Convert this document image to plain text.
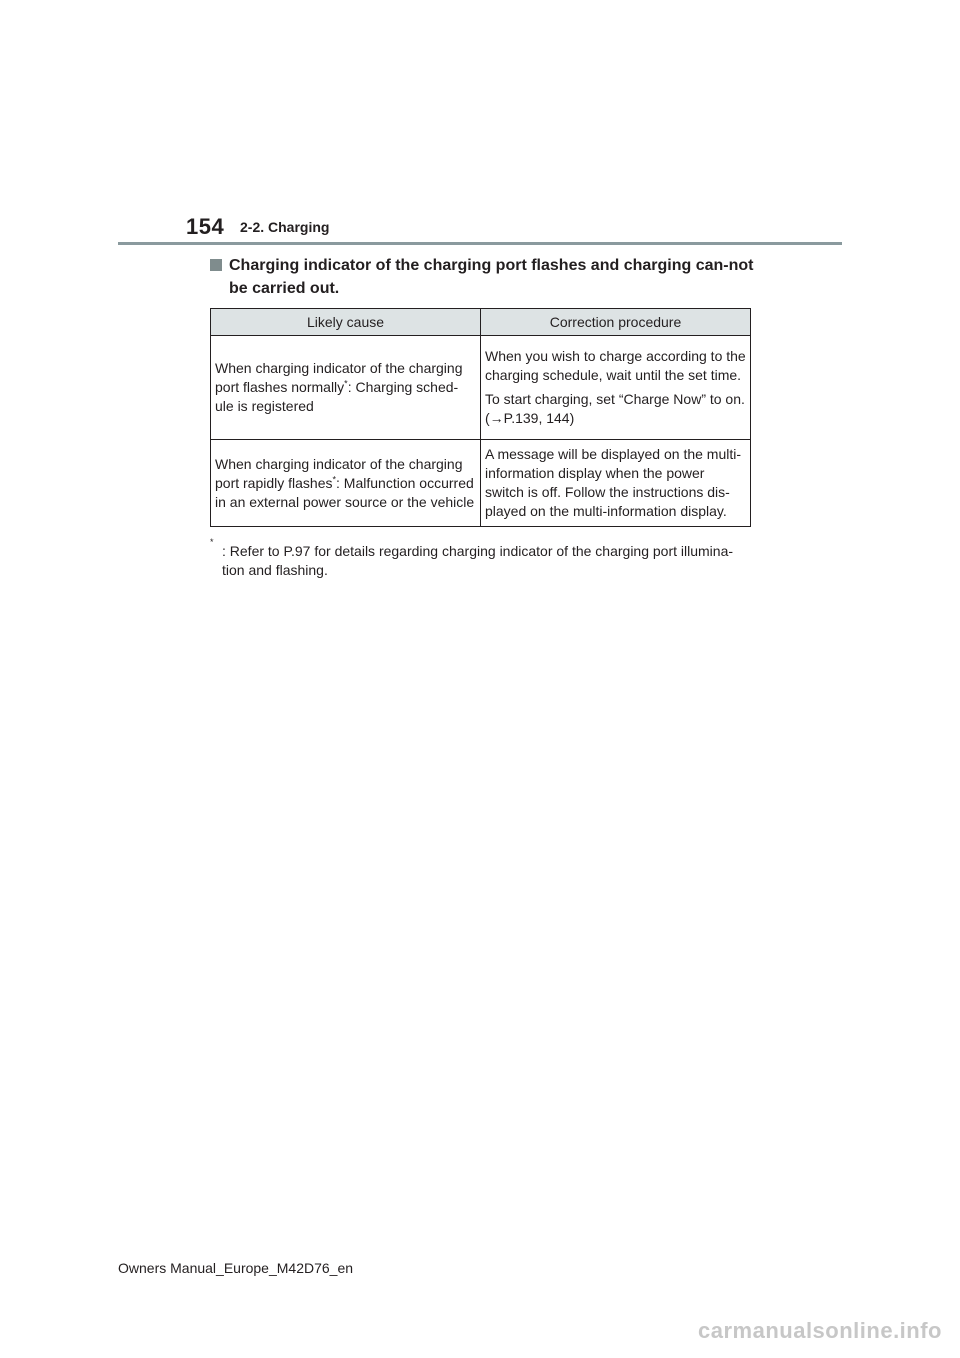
154 2-2. Charging
Charging indicator of the charging port flashes and charging can-not be carried out.
Likely cause	Correction procedure
When charging indicator of the charging port flashes normally*: Charging sched-ule is registered	When you wish to charge according to the charging schedule, wait until the set time.

To start charging, set “Charge Now” to on. (→P.139, 144)

When charging indicator of the charging port rapidly flashes*: Malfunction occurred in an external power source or the vehicle	A message will be displayed on the multi-information display when the power switch is off. Follow the instructions dis-played on the multi-information display.

*
: Refer to P.97 for details regarding charging indicator of the charging port illumina-tion and flashing.
Owners Manual_Europe_M42D76_en
carmanualsonline.info
